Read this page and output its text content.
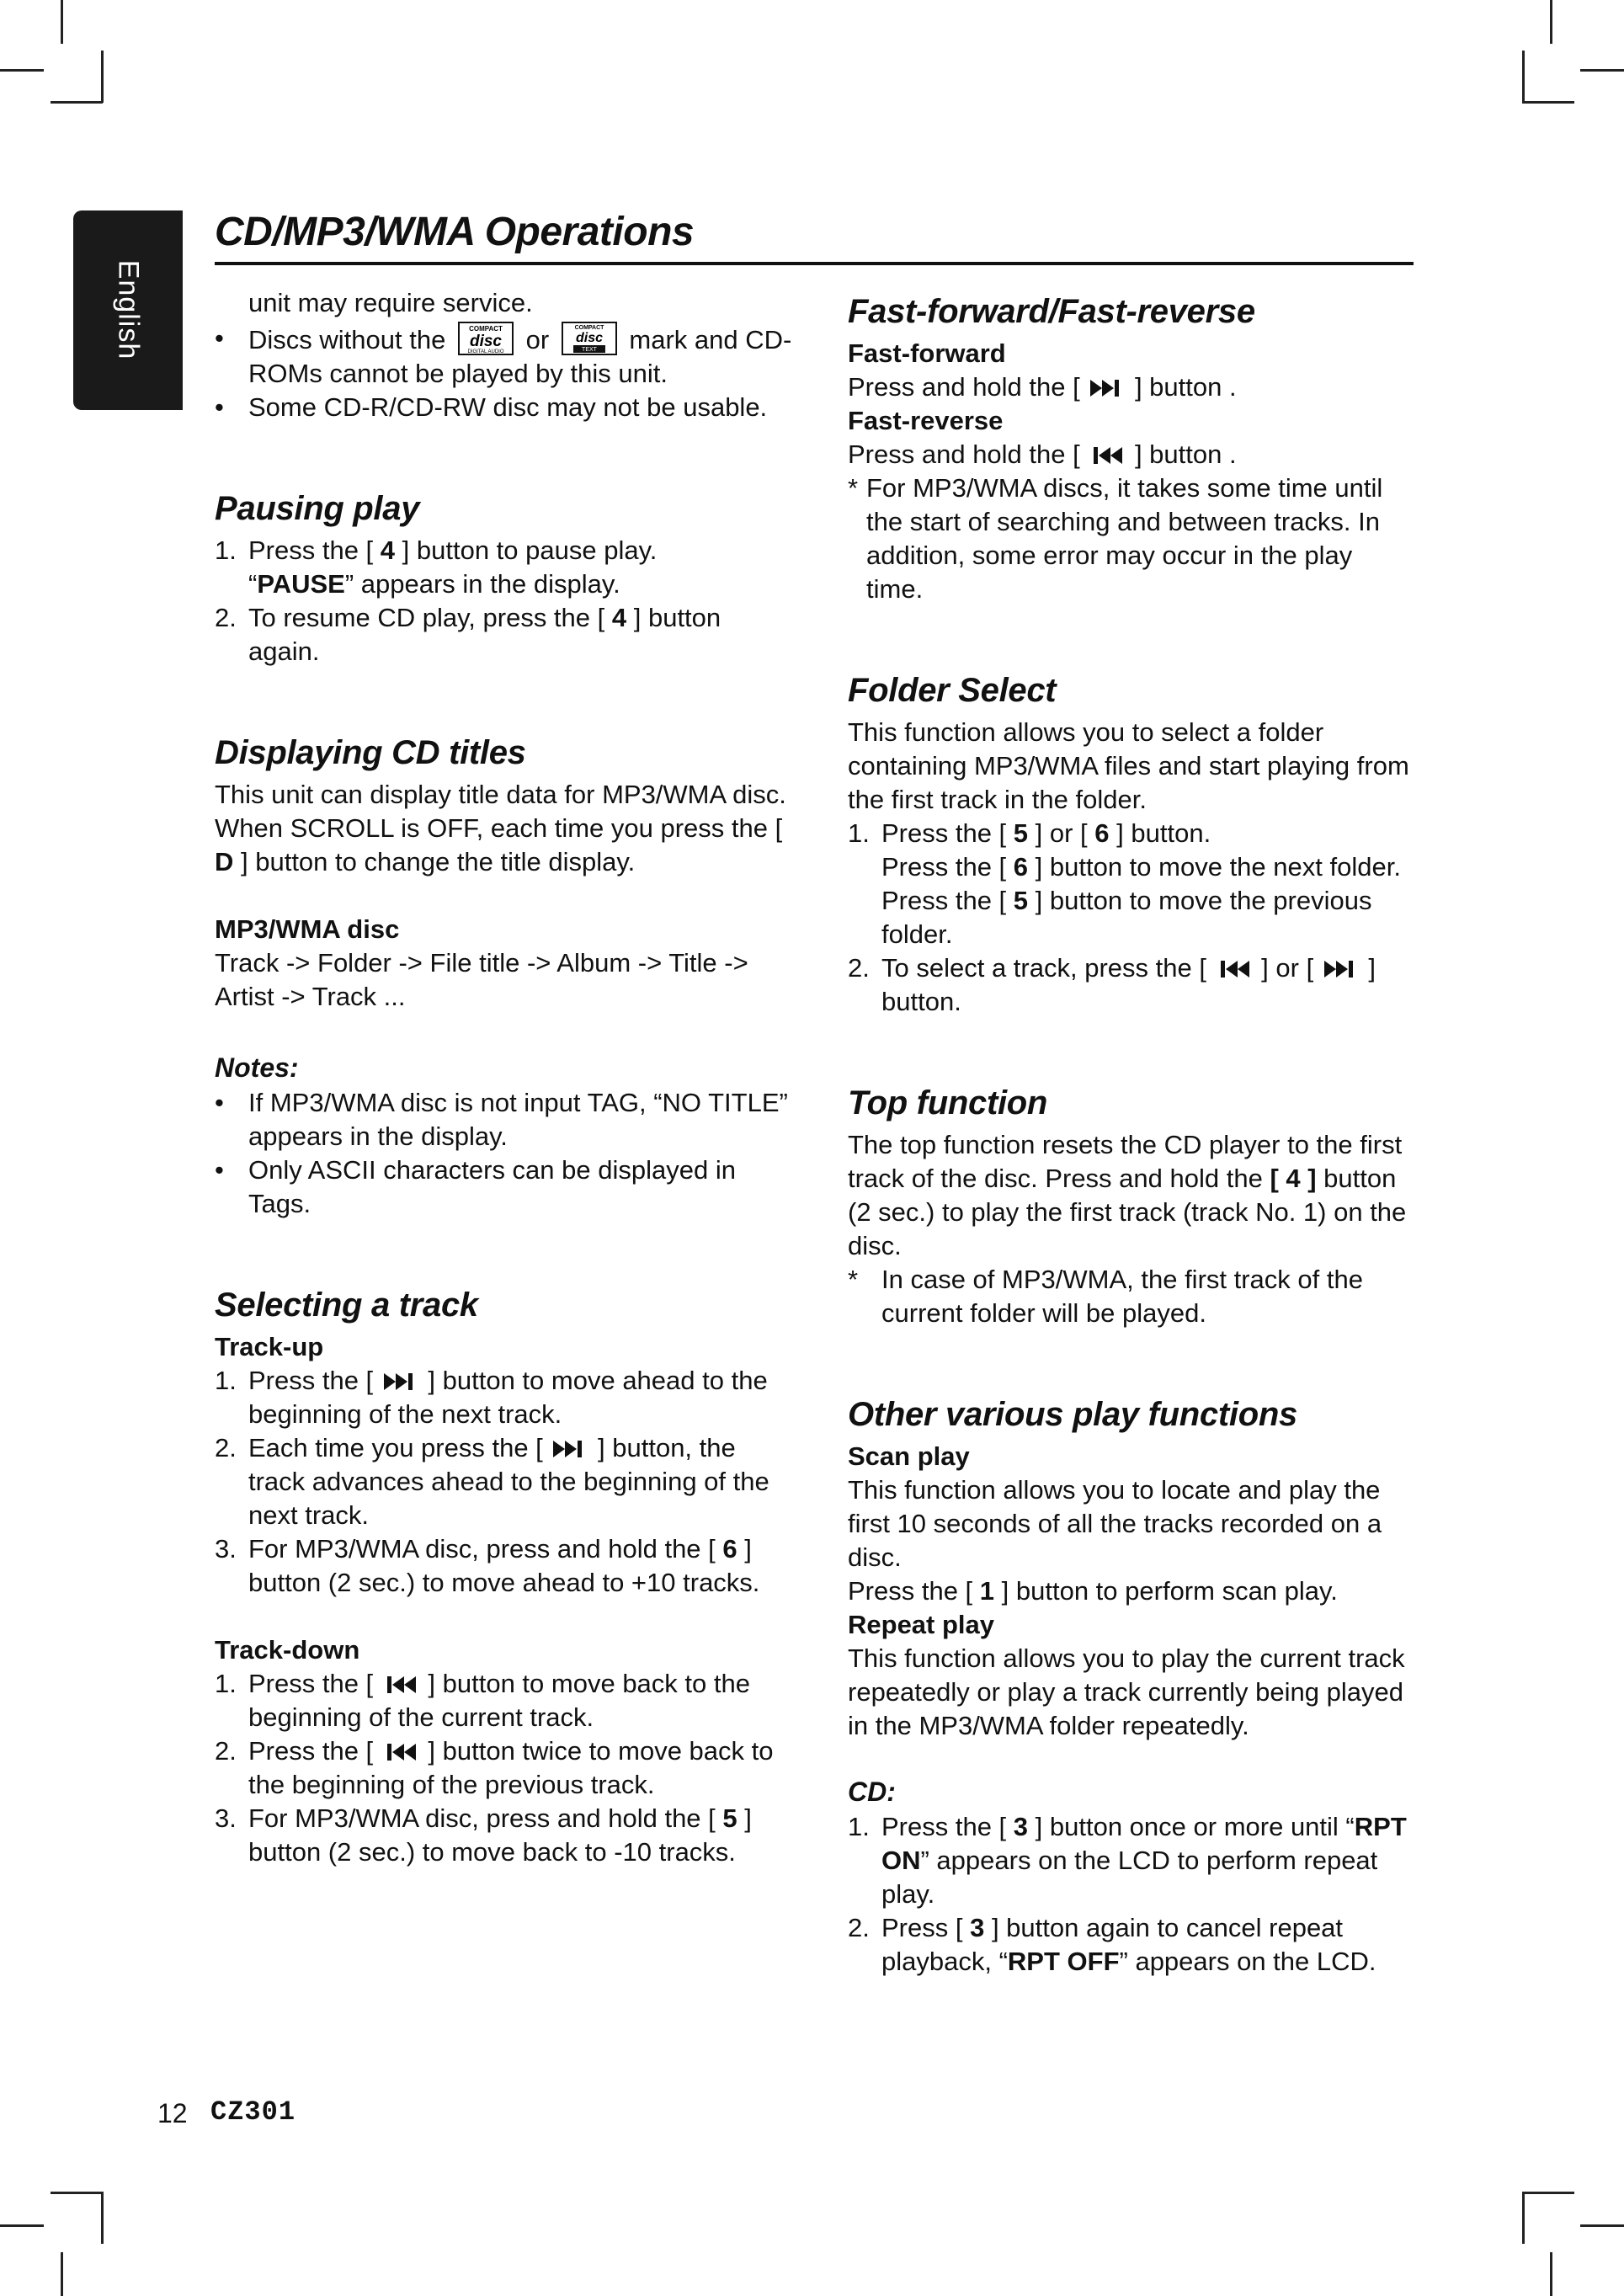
English
CD/MP3/WMA Operations

unit may require service.

• Discs without the	COMPACT
disc
DIGITAL AUDIO or	COMPACT
disc
TEXT mark and CD-ROMs cannot be played by this unit.
• Some CD-R/CD-RW disc may not be usable.
Pausing play
1. Press the [ 4 ] button to pause play.
“PAUSE” appears in the display.
2. To resume CD play, press the [ 4 ] button again.
Displaying CD titles

This unit can display title data for MP3/WMA disc.

When SCROLL is OFF, each time you press the [ D ] button to change the title display.

MP3/WMA disc

Track -> Folder -> File title -> Album -> Title -> Artist -> Track ...

Notes:
• If MP3/WMA disc is not input TAG, “NO TITLE” appears in the display.
• Only ASCII characters can be displayed in Tags.
Selecting a track
Track-up
1. Press the [  ] button to move ahead to the beginning of the next track.
2. Each time you press the [  ] button, the track advances ahead to the beginning of the next track.
3. For MP3/WMA disc, press and hold the [ 6 ] button (2 sec.) to move ahead to +10 tracks.
Track-down
1. Press the [  ] button to move back to the beginning of the current track.
2. Press the [  ] button twice to move back to the beginning of the previous track.
3. For MP3/WMA disc, press and hold the [ 5 ] button (2 sec.) to move back to -10 tracks.
Fast-forward/Fast-reverse
Fast-forward

Press and hold the [  ] button .

Fast-reverse

Press and hold the [  ] button .

* For MP3/WMA discs, it takes some time until the start of searching and between tracks. In addition, some error may occur in the play time.
Folder Select

This function allows you to select a folder containing MP3/WMA files and start playing from the first track in the folder.

1. Press the [ 5 ] or [ 6 ] button.
Press the [ 6 ] button to move the next folder. Press the [ 5 ] button to move the previous folder.
2. To select a track, press the [  ] or [  ] button.
Top function

The top function resets the CD player to the first track of the disc. Press and hold the [ 4 ] button (2 sec.) to play the first track (track No. 1) on the disc.

* In case of MP3/WMA, the first track of the current folder will be played.
Other various play functions
Scan play

This function allows you to locate and play the first 10 seconds of all the tracks recorded on a disc.

Press the [ 1 ] button to perform scan play.

Repeat play

This function allows you to play the current track repeatedly or play a track currently being played in the MP3/WMA folder repeatedly.

CD:
1. Press the [ 3 ] button once or more until “RPT ON” appears on the LCD to perform repeat play.
2. Press [ 3 ] button again to cancel repeat playback, “RPT OFF” appears on the LCD.
12 CZ301
